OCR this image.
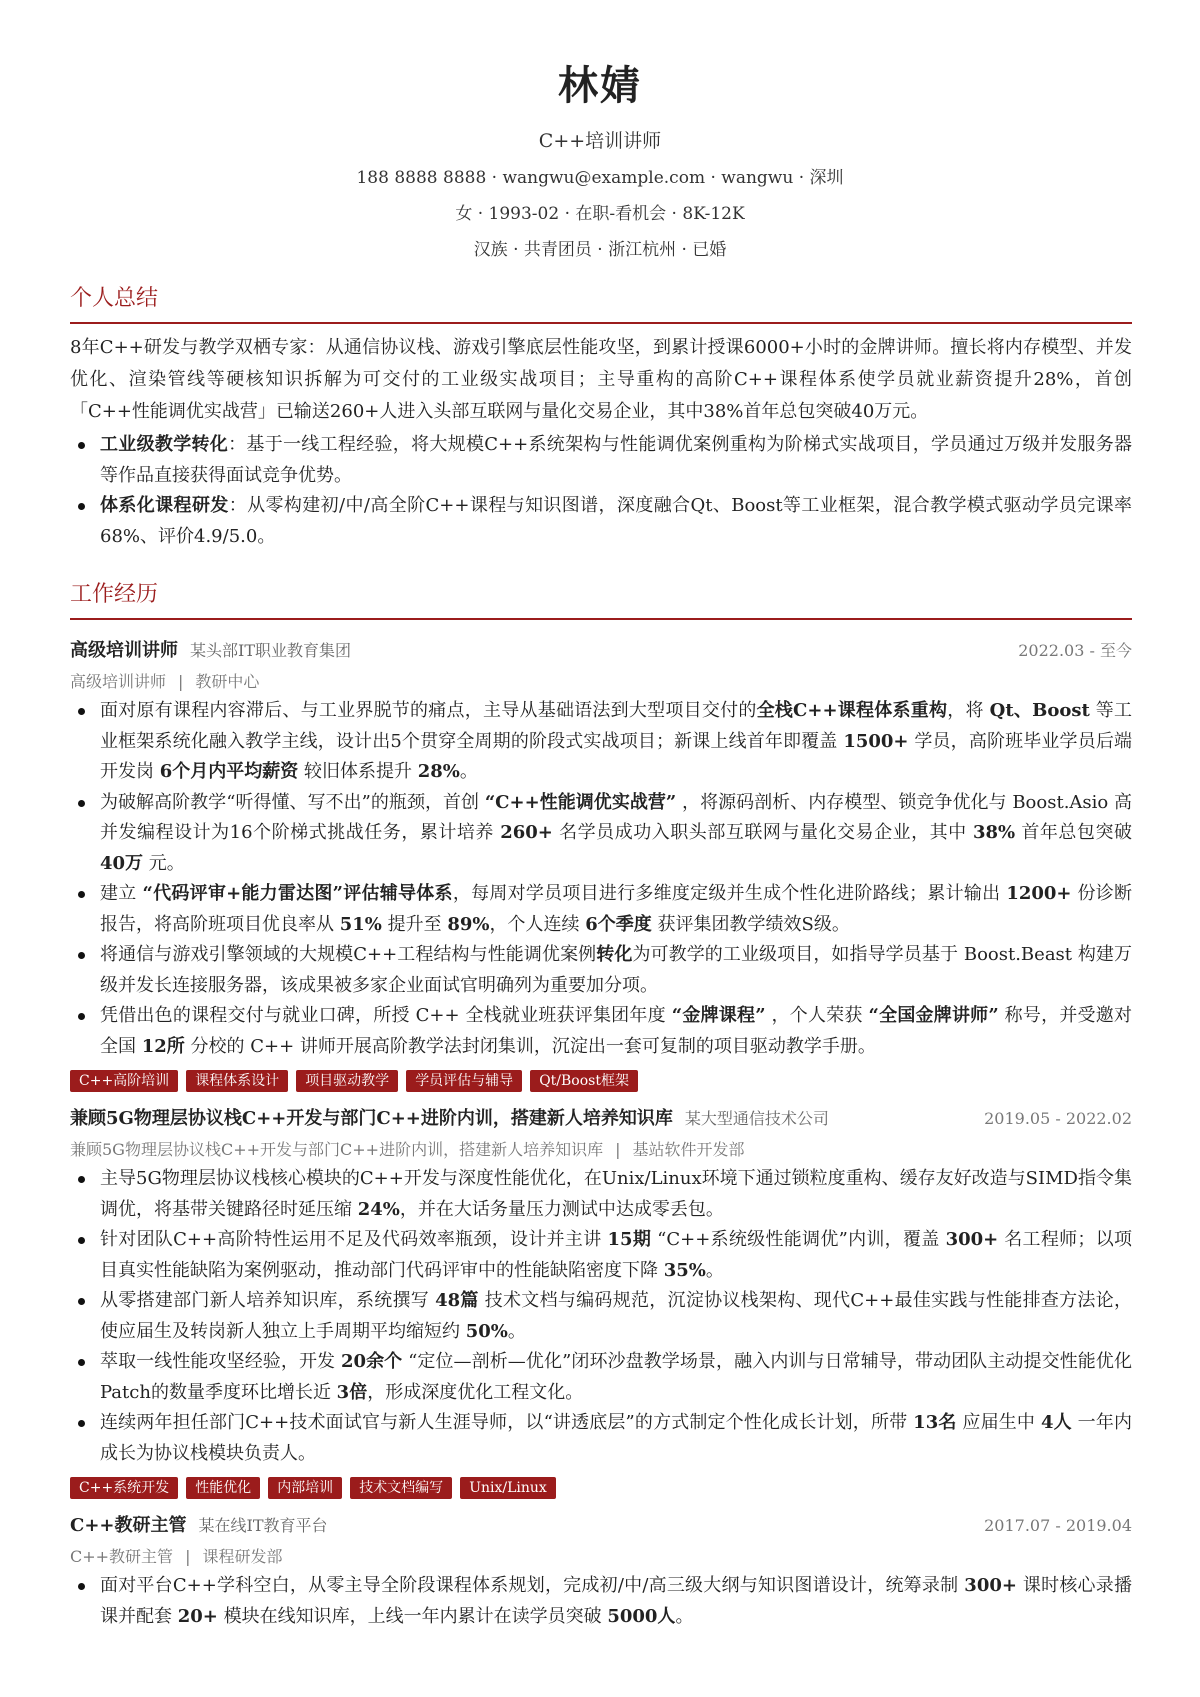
林婧
C++培训讲师
188 8888 8888 · wangwu@example.com · wangwu · 深圳
女 · 1993-02 · 在职-看机会 · 8K-12K
汉族 · 共青团员 · 浙江杭州 · 已婚
个人总结
8年C++研发与教学双栖专家：从通信协议栈、游戏引擎底层性能攻坚，到累计授课6000+小时的金牌讲师。擅长将内存模型、并发优化、渲染管线等硬核知识拆解为可交付的工业级实战项目；主导重构的高阶C++课程体系使学员就业薪资提升28%，首创「C++性能调优实战营」已输送260+人进入头部互联网与量化交易企业，其中38%首年总包突破40万元。
工业级教学转化：基于一线工程经验，将大规模C++系统架构与性能调优案例重构为阶梯式实战项目，学员通过万级并发服务器等作品直接获得面试竞争优势。
体系化课程研发：从零构建初/中/高全阶C++课程与知识图谱，深度融合Qt、Boost等工业框架，混合教学模式驱动学员完课率68%、评价4.9/5.0。
工作经历
高级培训讲师 某头部IT职业教育集团	2022.03 - 至今
高级培训讲师 | 教研中心
面对原有课程内容滞后、与工业界脱节的痛点，主导从基础语法到大型项目交付的全栈C++课程体系重构，将 Qt、Boost 等工业框架系统化融入教学主线，设计出5个贯穿全周期的阶段式实战项目；新课上线首年即覆盖 1500+ 学员，高阶班毕业学员后端开发岗 6个月内平均薪资 较旧体系提升 28%。
为破解高阶教学“听得懂、写不出”的瓶颈，首创 “C++性能调优实战营” ，将源码剖析、内存模型、锁竞争优化与 Boost.Asio 高并发编程设计为16个阶梯式挑战任务，累计培养 260+ 名学员成功入职头部互联网与量化交易企业，其中 38% 首年总包突破 40万 元。
建立 “代码评审+能力雷达图”评估辅导体系，每周对学员项目进行多维度定级并生成个性化进阶路线；累计输出 1200+ 份诊断报告，将高阶班项目优良率从 51% 提升至 89%，个人连续 6个季度 获评集团教学绩效S级。
将通信与游戏引擎领域的大规模C++工程结构与性能调优案例转化为可教学的工业级项目，如指导学员基于 Boost.Beast 构建万级并发长连接服务器，该成果被多家企业面试官明确列为重要加分项。
凭借出色的课程交付与就业口碑，所授 C++ 全栈就业班获评集团年度 “金牌课程” ，个人荣获 “全国金牌讲师” 称号，并受邀对全国 12所 分校的 C++ 讲师开展高阶教学法封闭集训，沉淀出一套可复制的项目驱动教学手册。
C++高阶培训	课程体系设计	项目驱动教学	学员评估与辅导	Qt/Boost框架
兼顾5G物理层协议栈C++开发与部门C++进阶内训，搭建新人培养知识库 某大型通信技术公司	2019.05 - 2022.02
兼顾5G物理层协议栈C++开发与部门C++进阶内训，搭建新人培养知识库 | 基站软件开发部
主导5G物理层协议栈核心模块的C++开发与深度性能优化，在Unix/Linux环境下通过锁粒度重构、缓存友好改造与SIMD指令集调优，将基带关键路径时延压缩 24%，并在大话务量压力测试中达成零丢包。
针对团队C++高阶特性运用不足及代码效率瓶颈，设计并主讲 15期 “C++系统级性能调优”内训，覆盖 300+ 名工程师；以项目真实性能缺陷为案例驱动，推动部门代码评审中的性能缺陷密度下降 35%。
从零搭建部门新人培养知识库，系统撰写 48篇 技术文档与编码规范，沉淀协议栈架构、现代C++最佳实践与性能排查方法论，使应届生及转岗新人独立上手周期平均缩短约 50%。
萃取一线性能攻坚经验，开发 20余个 “定位—剖析—优化”闭环沙盘教学场景，融入内训与日常辅导，带动团队主动提交性能优化Patch的数量季度环比增长近 3倍，形成深度优化工程文化。
连续两年担任部门C++技术面试官与新人生涯导师，以“讲透底层”的方式制定个性化成长计划，所带 13名 应届生中 4人 一年内成长为协议栈模块负责人。
C++系统开发	性能优化	内部培训	技术文档编写	Unix/Linux
C++教研主管 某在线IT教育平台	2017.07 - 2019.04
C++教研主管 | 课程研发部
面对平台C++学科空白，从零主导全阶段课程体系规划，完成初/中/高三级大纲与知识图谱设计，统筹录制 300+ 课时核心录播课并配套 20+ 模块在线知识库，上线一年内累计在读学员突破 5000人。
